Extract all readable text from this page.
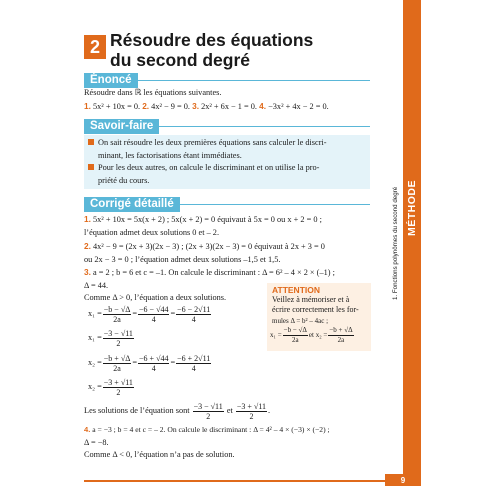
MÉTHODE
9
2 Résoudre des équations
du second degré
Énoncé
Résoudre dans ℝ les équations suivantes.
1. 5x² + 10x = 0. 2. 4x² − 9 = 0. 3. 2x² + 6x − 1 = 0. 4. −3x² + 4x − 2 = 0.
Savoir-faire
On sait résoudre les deux premières équations sans calculer le discri-
minant, les factorisations étant immédiates.
Pour les deux autres, on calcule le discriminant et on utilise la pro-
priété du cours.
Corrigé détaillé
1. 5x² + 10x = 5x(x + 2) ; 5x(x + 2) = 0 équivaut à 5x = 0 ou x + 2 = 0 ;
l’équation admet deux solutions 0 et – 2.
2. 4x² − 9 = (2x + 3)(2x − 3) ; (2x + 3)(2x − 3) = 0 équivaut à 2x + 3 = 0
ou 2x − 3 = 0 ; l’équation admet deux solutions –1,5 et 1,5.
3. a = 2 ; b = 6 et c = –1. On calcule le discriminant : Δ = 6² – 4 × 2 × (–1) ;
Δ = 44.
Comme Δ > 0, l’équation a deux solutions.
$x_1 = \frac{-b - √\Delta}{2a} = \frac{-6 - √44}{4} = \frac{-6 - 2√11}{4}$
$x_1 = \frac{-3 - √11}{2}$
$x_2 = \frac{-b + √\Delta}{2a} = \frac{-6 + √44}{4} = \frac{-6 + 2√11}{4}$
$x_2 = \frac{-3 + √11}{2}$
Les solutions de l’équation sont
$\frac{-3 - √11}{2}$
et
$\frac{-3 + √11}{2}$ .
4. a = −3 ; b = 4 et c = – 2. On calcule le discriminant : Δ = 4² – 4 × (−3) × (−2) ;
Δ = −8.
Comme Δ < 0, l’équation n’a pas de solution.
ATTENTION
Veillez à mémoriser et à
écrire correctement les for-
mules Δ = b² – 4ac ;
$x_1 = \frac{-b - √\Delta}{2a}$ et $x_2 = \frac{-b + √\Delta}{2a}$
